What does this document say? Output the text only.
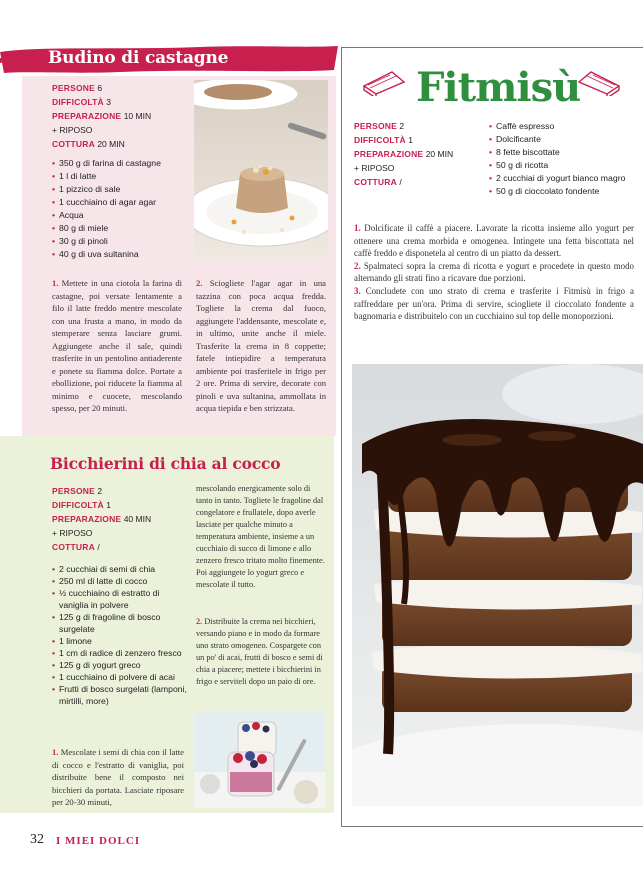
Budino di castagne
PERSONE 6
DIFFICOLTÀ 3
PREPARAZIONE 10 MIN
+ RIPOSO
COTTURA 20 MIN
• 350 g di farina di castagne
• 1 l di latte
• 1 pizzico di sale
• 1 cucchiaino di agar agar
• Acqua
• 80 g di miele
• 30 g di pinoli
• 40 g di uva sultanina
1. Mettete in una ciotola la farina di castagne, poi versate lentamente a filo il latte freddo mentre mescolate con una frusta a mano, in modo da stemperare senza lasciare grumi. Aggiungete anche il sale, quindi trasferite in un pentolino antiaderente e ponete su fiamma dolce. Portate a ebollizione, poi riducete la fiamma al minimo e cuocete, mescolando spesso, per 20 minuti.
2. Sciogliete l'agar agar in una tazzina con poca acqua fredda. Togliete la crema dal fuoco, aggiungete l'addensante, mescolate e, in ultimo, unite anche il miele. Trasferite la crema in 8 coppette; fatele intiepidire a temperatura ambiente poi trasferitele in frigo per 2 ore. Prima di servire, decorate con pinoli e uva sultanina, ammollata in acqua tiepida e ben strizzata.
Bicchierini di chia al cocco
PERSONE 2
DIFFICOLTÀ 1
PREPARAZIONE 40 MIN
+ RIPOSO
COTTURA /
• 2 cucchiai di semi di chia
• 250 ml di latte di cocco
• ½ cucchiaino di estratto di vaniglia in polvere
• 125 g di fragoline di bosco surgelate
• 1 limone
• 1 cm di radice di zenzero fresco
• 125 g di yogurt greco
• 1 cucchiaino di polvere di acai
• Frutti di bosco surgelati (lamponi, mirtilli, more)
1. Mescolate i semi di chia con il latte di cocco e l'estratto di vaniglia, poi distribuite bene il composto nei bicchieri da portata. Lasciate riposare per 20-30 minuti,
mescolando energicamente solo di tanto in tanto. Togliete le fragoline dal congelatore e frullatele, dopo averle lasciate per qualche minuto a temperatura ambiente, insieme a un cucchiaio di succo di limone e allo zenzero fresco tritato molto finemente. Poi aggiungete lo yogurt greco e mescolate il tutto.
2. Distribuite la crema nei bicchieri, versando piano e in modo da formare uno strato omogeneo. Cospargete con un po' di acai, frutti di bosco e semi di chia a piacere; mettete i bicchierini in frigo e serviteli dopo un paio di ore.
Fitmisù
PERSONE 2
DIFFICOLTÀ 1
PREPARAZIONE 20 MIN
+ RIPOSO
COTTURA /
• Caffè espresso
• Dolcificante
• 8 fette biscottate
• 50 g di ricotta
• 2 cucchiai di yogurt bianco magro
• 50 g di cioccolato fondente
1. Dolcificate il caffè a piacere. Lavorate la ricotta insieme allo yogurt per ottenere una crema morbida e omogenea. Intingete una fetta biscottata nel caffè freddo e disponetela al centro di un piatto da dessert.
2. Spalmateci sopra la crema di ricotta e yogurt e procedete in questo modo alternando gli strati fino a ricavare due porzioni.
3. Concludete con uno strato di crema e trasferite i Fitmisù in frigo a raffreddare per un'ora. Prima di servire, sciogliete il cioccolato fondente a bagnomaria e distribuitelo con un cucchiaino sul top delle monoporzioni.
32 I MIEI DOLCI
